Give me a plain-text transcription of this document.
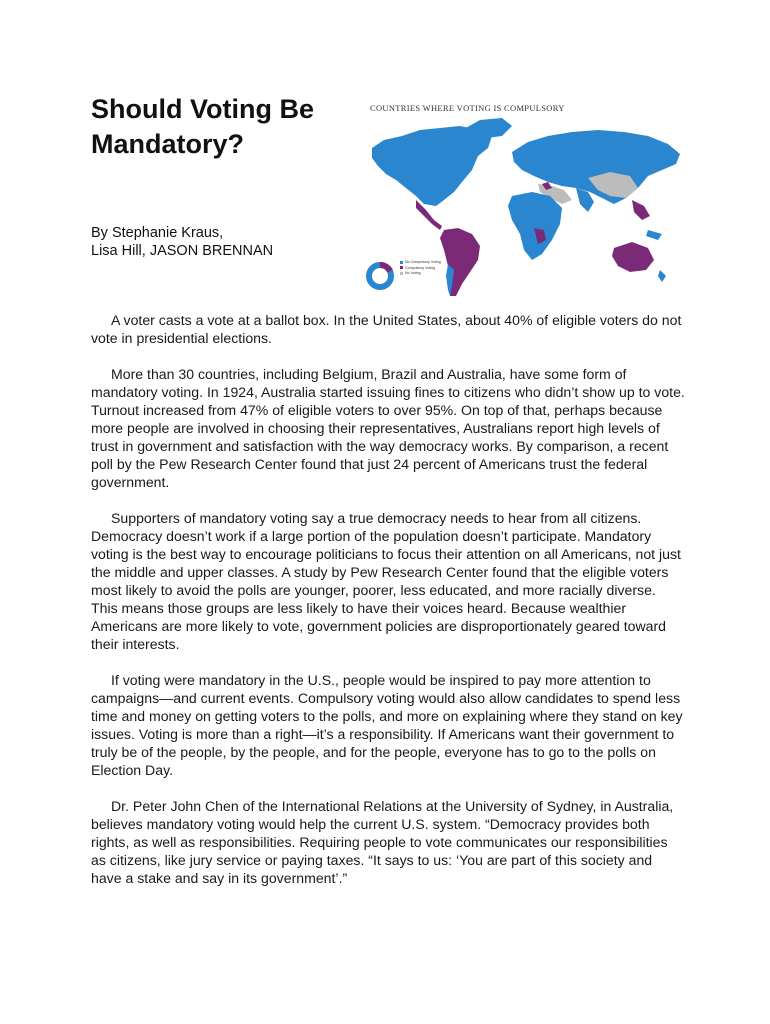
Should Voting Be Mandatory?
By Stephanie Kraus,
Lisa Hill, JASON BRENNAN
COUNTRIES WHERE VOTING IS COMPULSORY
No Compulsory Voting
Compulsory Voting
No Voting

A voter casts a vote at a ballot box. In the United States, about 40% of eligible voters do not vote in presidential elections.

More than 30 countries, including Belgium, Brazil and Australia, have some form of mandatory voting. In 1924, Australia started issuing fines to citizens who didn’t show up to vote. Turnout increased from 47% of eligible voters to over 95%. On top of that, perhaps because more people are involved in choosing their representatives, Australians report high levels of trust in government and satisfaction with the way democracy works. By comparison, a recent poll by the Pew Research Center found that just 24 percent of Americans trust the federal government.

Supporters of mandatory voting say a true democracy needs to hear from all citizens. Democracy doesn’t work if a large portion of the population doesn’t participate. Mandatory voting is the best way to encourage politicians to focus their attention on all Americans, not just the middle and upper classes. A study by Pew Research Center found that the eligible voters most likely to avoid the polls are younger, poorer, less educated, and more racially diverse. This means those groups are less likely to have their voices heard. Because wealthier Americans are more likely to vote, government policies are disproportionately geared toward their interests.

If voting were mandatory in the U.S., people would be inspired to pay more attention to campaigns—and current events. Compulsory voting would also allow candidates to spend less time and money on getting voters to the polls, and more on explaining where they stand on key issues. Voting is more than a right—it’s a responsibility. If Americans want their government to truly be of the people, by the people, and for the people, everyone has to go to the polls on Election Day.

Dr. Peter John Chen of the International Relations at the University of Sydney, in Australia, believes mandatory voting would help the current U.S. system. “Democracy provides both rights, as well as responsibilities. Requiring people to vote communicates our responsibilities as citizens, like jury service or paying taxes. “It says to us: ‘You are part of this society and have a stake and say in its government’.”
